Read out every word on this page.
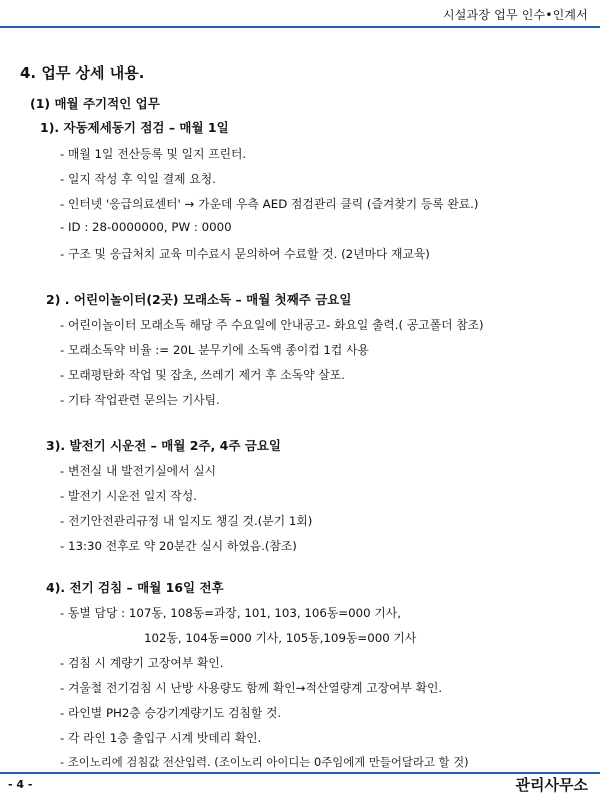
시설과장 업무 인수•인계서
4. 업무 상세 내용.
(1) 매월 주기적인 업무
1). 자동제세동기 점검 – 매월 1일
- 매월 1일 전산등록 및 일지 프린터.
- 일지 작성 후 익일 결제 요청.
- 인터넷 '응급의료센터' → 가운데 우측 AED 점검관리 클릭 (즐겨찾기 등록 완료.)
- ID : 28-0000000, PW : 0000
- 구조 및 응급처치 교육 미수료시 문의하여 수료할 것. (2년마다 재교육)
2) . 어린이놀이터(2곳) 모래소독 – 매월 첫째주 금요일
- 어린이놀이터 모래소독 해당 주 수요일에 안내공고- 화요일 출력.( 공고폴더 참조)
- 모래소독약 비율 := 20L 분무기에 소독액 종이컵 1컵 사용
- 모래평탄화 작업 및 잡초, 쓰레기 제거 후 소독약 살포.
- 기타 작업관련 문의는 기사팀.
3). 발전기 시운전 – 매월 2주, 4주 금요일
- 변전실 내 발전기실에서 실시
- 발전기 시운전 일지 작성.
- 전기안전관리규정 내 일지도 챙길 것.(분기 1회)
- 13:30 전후로 약 20분간 실시 하였음.(참조)
4). 전기 검침 – 매월 16일 전후
- 동별 담당 : 107동, 108동=과장, 101, 103, 106동=000 기사,
102동, 104동=000 기사, 105동,109동=000 기사
- 검침 시 계량기 고장여부 확인.
- 겨울철 전기검침 시 난방 사용량도 함께 확인→적산열량계 고장여부 확인.
- 라인별 PH2층 승강기계량기도 검침할 것.
- 각 라인 1층 출입구 시계 밧데리 확인.
- 조이노리에 검침값 전산입력. (조이노리 아이디는 0주임에게 만들어달라고 할 것)
- 4 -	관리사무소
